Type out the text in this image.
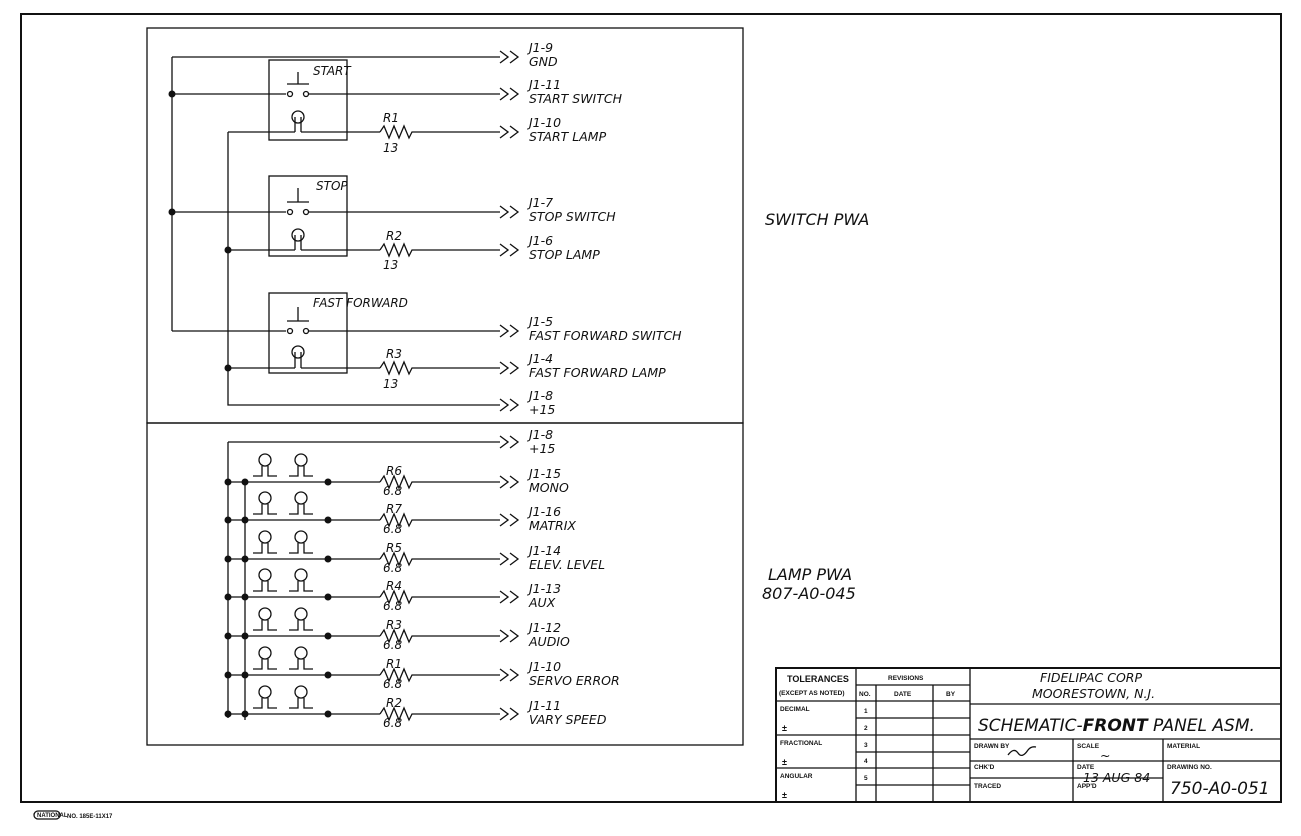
START
STOP
FAST FORWARD
R1
13
R2
13
R3
13
J1-9
GND
J1-11
START SWITCH
J1-10
START LAMP
J1-7
STOP SWITCH
J1-6
STOP LAMP
J1-5
FAST FORWARD SWITCH
J1-4
FAST FORWARD LAMP
J1-8
+15
SWITCH PWA
LAMP PWA
807-A0-045
J1-8
+15
R6
6.8
J1-15
MONO
R7
6.8
J1-16
MATRIX
R5
6.8
J1-14
ELEV. LEVEL
R4
6.8
J1-13
AUX
R3
6.8
J1-12
AUDIO
R1
6.8
J1-10
SERVO ERROR
R2
6.8
J1-11
VARY SPEED
TOLERANCES
(EXCEPT AS NOTED)
DECIMAL
±
FRACTIONAL
±
ANGULAR
±
REVISIONS
NO.	DATE	BY
1
2
3
4
5
FIDELIPAC CORP
MOORESTOWN, N.J.
SCHEMATIC-FRONT PANEL ASM.
DRAWN BY	SCALE
~
MATERIAL
CHK'D	DATE
13 AUG 84
DRAWING NO.
750-A0-051
TRACED	APP'D
NATIONAL NO. 185E-11X17
